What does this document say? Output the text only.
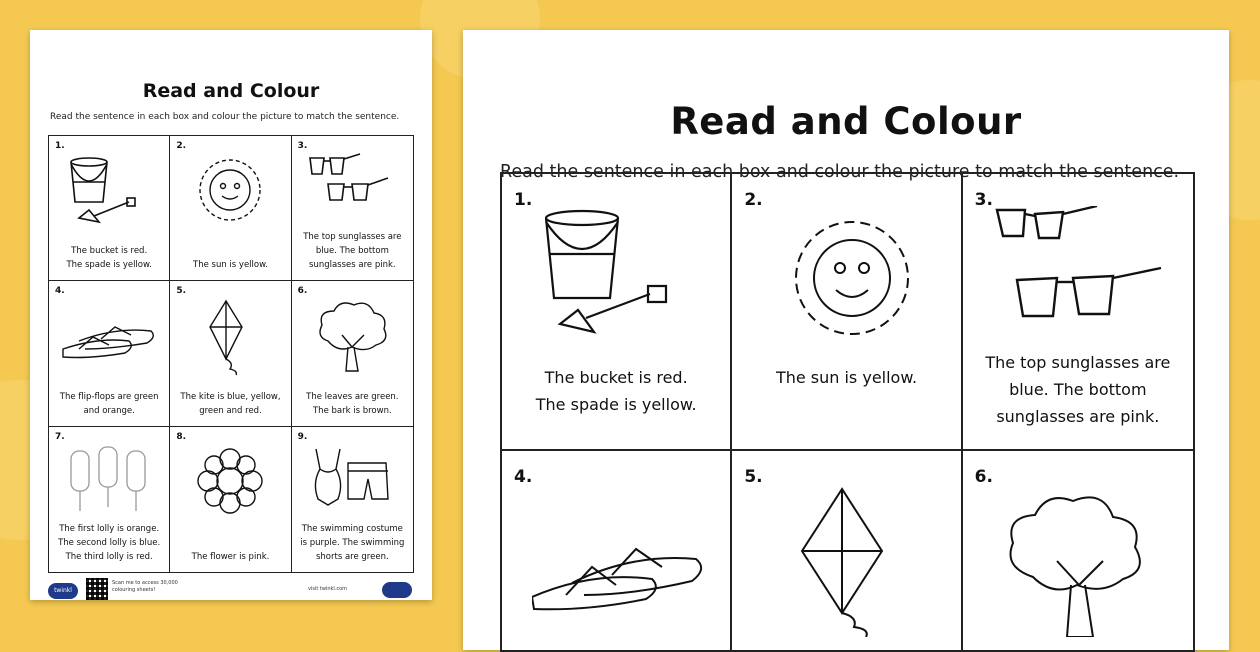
Read and Colour
Read the sentence in each box and colour the picture to match the sentence.
1.
The bucket is red.
The spade is yellow.
2.
The sun is yellow.
3.
The top sunglasses are
blue. The bottom
sunglasses are pink.
4.
The flip-flops are green
and orange.
5.
The kite is blue, yellow,
green and red.
6.
The leaves are green.
The bark is brown.
7.
The first lolly is orange.
The second lolly is blue.
The third lolly is red.
8.
The flower is pink.
9.
The swimming costume
is purple. The swimming
shorts are green.
twinkl
Scan me to access 30,000 colouring sheets!	visit twinkl.com
Read and Colour
Read the sentence in each box and colour the picture to match the sentence.
1.
The bucket is red.
The spade is yellow.
2.
The sun is yellow.
3.
The top sunglasses are
blue. The bottom
sunglasses are pink.
4.	5.	6.
